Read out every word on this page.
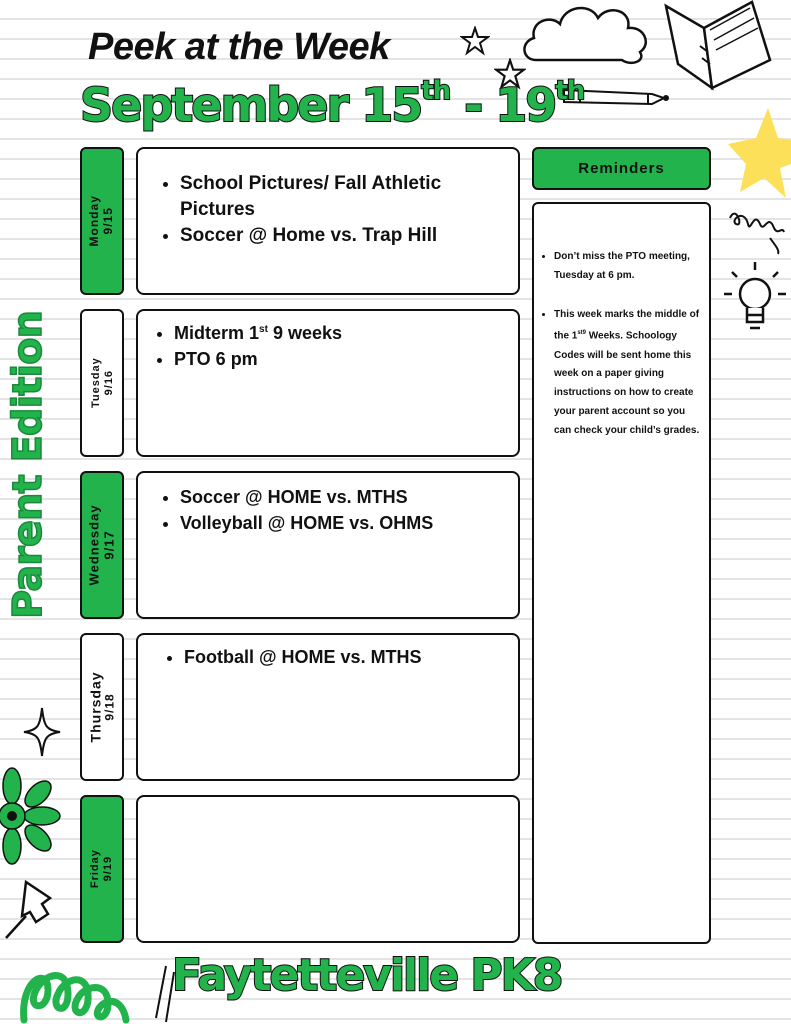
Peek at the Week
September 15th - 19th
Parent Edition
Monday 9/15
• School Pictures/ Fall Athletic Pictures
• Soccer @ Home vs. Trap Hill
Tuesday 9/16
• Midterm 1st 9 weeks
• PTO 6 pm
Wednesday 9/17
• Soccer @ HOME vs. MTHS
• Volleyball @ HOME vs. OHMS
Thursday 9/18
• Football @ HOME vs. MTHS
Friday 9/19
Reminders
• Don’t miss the PTO meeting, Tuesday at 6 pm.
• This week marks the middle of the $1^{st9}$ Weeks. Schoology Codes will be sent home this week on a paper giving instructions on how to create your parent account so you can check your child’s grades.
Faytetteville PK8
